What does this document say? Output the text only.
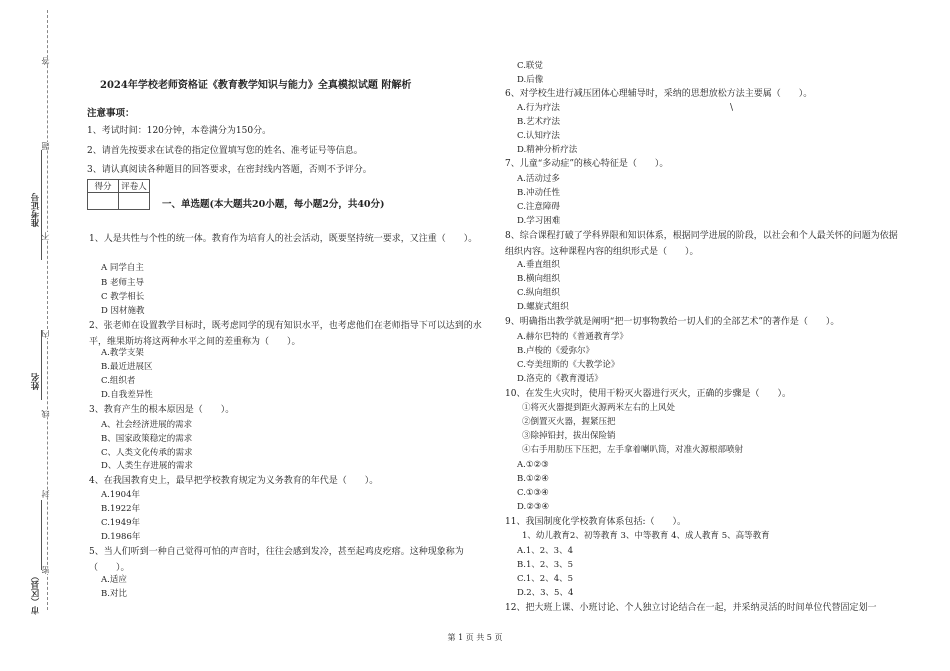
答
题
不
内
线
封
密
准考证号
姓名
市（区县）
2024年学校老师资格证《教育教学知识与能力》全真模拟试题 附解析
注意事项：
1、考试时间：120分钟，本卷满分为150分。
2、请首先按要求在试卷的指定位置填写您的姓名、准考证号等信息。
3、请认真阅读各种题目的回答要求，在密封线内答题，否则不予评分。
得分	评卷人

一、单选题(本大题共20小题，每小题2分，共40分)
1、人是共性与个性的统一体。教育作为培育人的社会活动，既要坚持统一要求，又注重（　　）。
A 同学自主
B 老师主导
C 教学相长
D 因材施教
2、张老师在设置教学目标时，既考虑同学的现有知识水平，也考虑他们在老师指导下可以达到的水平，维果斯坊将这两种水平之间的差重称为（　　）。
A.教学支架
B.最近进展区
C.组织者
D.自我差异性
3、教育产生的根本原因是（　　）。
A、社会经济进展的需求
B、国家政策稳定的需求
C、人类文化传承的需求
D、人类生存进展的需求
4、在我国教育史上，最早把学校教育规定为义务教育的年代是（　　）。
A.1904年
B.1922年
C.1949年
D.1986年
5、当人们听到一种自己觉得可怕的声音时，往往会感到发冷，甚至起鸡皮疙瘩。这种现象称为（　　）。
A.适应
B.对比
C.联觉
D.后像
6、对学校生进行减压团体心理辅导时，采纳的思想放松方法主要属（　　）。
A.行为疗法	\
B.艺术疗法
C.认知疗法
D.精神分析疗法
7、儿童“多动症”的核心特征是（　　）。
A.活动过多
B.冲动任性
C.注意障碍
D.学习困难
8、综合课程打破了学科界限和知识体系，根据同学进展的阶段，以社会和个人最关怀的问题为依据组织内容。这种课程内容的组织形式是（　　）。
A.垂直组织
B.横向组织
C.纵向组织
D.螺旋式组织
9、明确指出教学就是阐明“把一切事物教给一切人们的全部艺术”的著作是（　　）。
A.赫尔巴特的《普通教育学》
B.卢梭的《爱弥尔》
C.夸美纽斯的《大教学论》
D.洛克的《教育漫话》
10、在发生火灾时，使用干粉灭火器进行灭火，正确的步骤是（　　）。
①将灭火器提到距火源两米左右的上风处
②倒置灭火器，握紧压把
③除掉铅封，拔出保险销
④右手用肋压下压把，左手拿着喇叭筒，对准火源根部喷射
A.①②③
B.①②④
C.①③④
D.②③④
11、我国制度化学校教育体系包括:（　　）。
1、幼儿教育2、初等教育 3、中等教育 4、成人教育 5、高等教育
A.1、2、3、4
B.1、2、3、5
C.1、2、4、5
D.2、3、5、4
12、把大班上课、小班讨论、个人独立讨论结合在一起，并采纳灵活的时间单位代替固定划一
第 1 页 共 5 页
